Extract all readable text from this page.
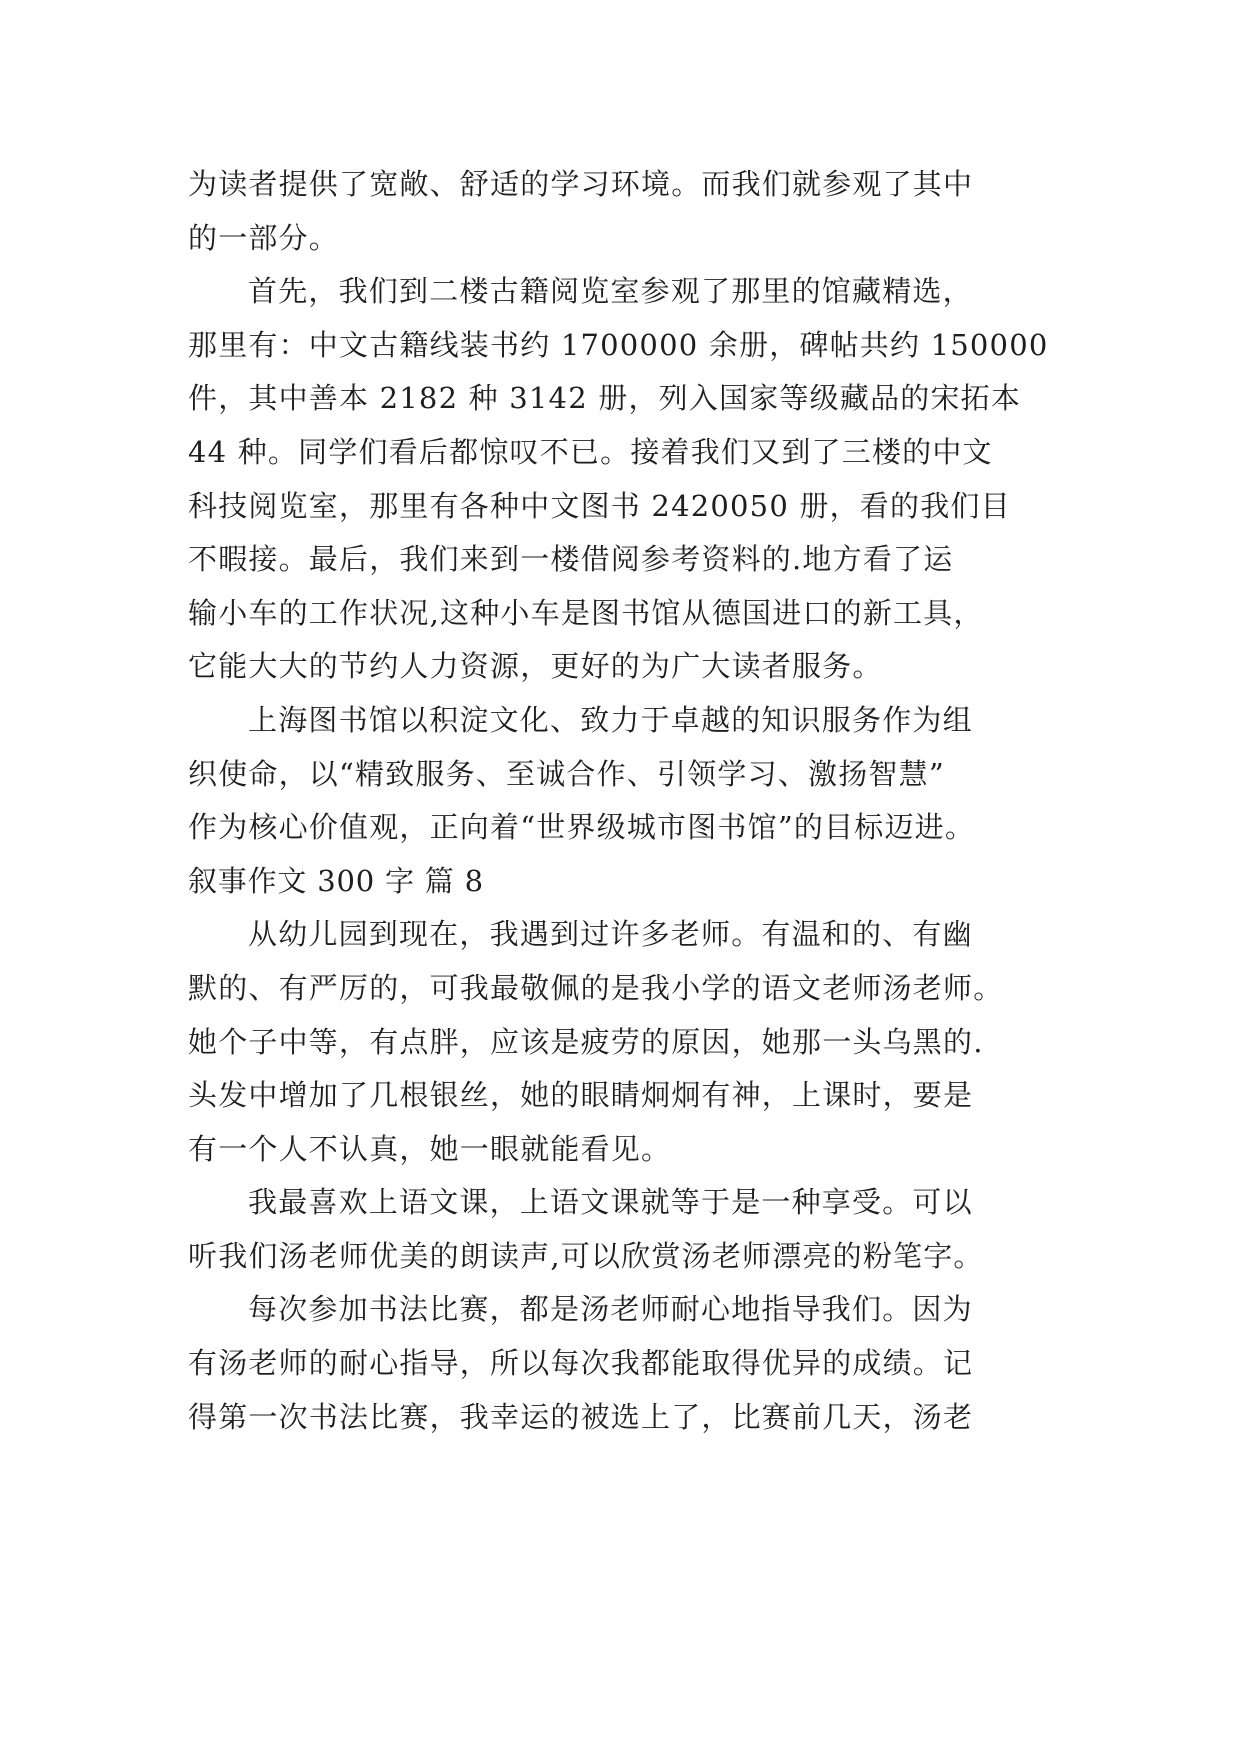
为读者提供了宽敞、舒适的学习环境。而我们就参观了其中
的一部分。
首先，我们到二楼古籍阅览室参观了那里的馆藏精选，
那里有：中文古籍线装书约 1700000 余册，碑帖共约 150000
件，其中善本 2182 种 3142 册，列入国家等级藏品的宋拓本
44 种。同学们看后都惊叹不已。接着我们又到了三楼的中文
科技阅览室，那里有各种中文图书 2420050 册，看的我们目
不暇接。最后，我们来到一楼借阅参考资料的.地方看了运
输小车的工作状况,这种小车是图书馆从德国进口的新工具，
它能大大的节约人力资源，更好的为广大读者服务。
上海图书馆以积淀文化、致力于卓越的知识服务作为组
织使命，以“精致服务、至诚合作、引领学习、激扬智慧”
作为核心价值观，正向着“世界级城市图书馆”的目标迈进。
叙事作文 300 字 篇 8
从幼儿园到现在，我遇到过许多老师。有温和的、有幽
默的、有严厉的，可我最敬佩的是我小学的语文老师汤老师。
她个子中等，有点胖，应该是疲劳的原因，她那一头乌黑的.
头发中增加了几根银丝，她的眼睛炯炯有神，上课时，要是
有一个人不认真，她一眼就能看见。
我最喜欢上语文课，上语文课就等于是一种享受。可以
听我们汤老师优美的朗读声,可以欣赏汤老师漂亮的粉笔字。
每次参加书法比赛，都是汤老师耐心地指导我们。因为
有汤老师的耐心指导，所以每次我都能取得优异的成绩。记
得第一次书法比赛，我幸运的被选上了，比赛前几天，汤老
